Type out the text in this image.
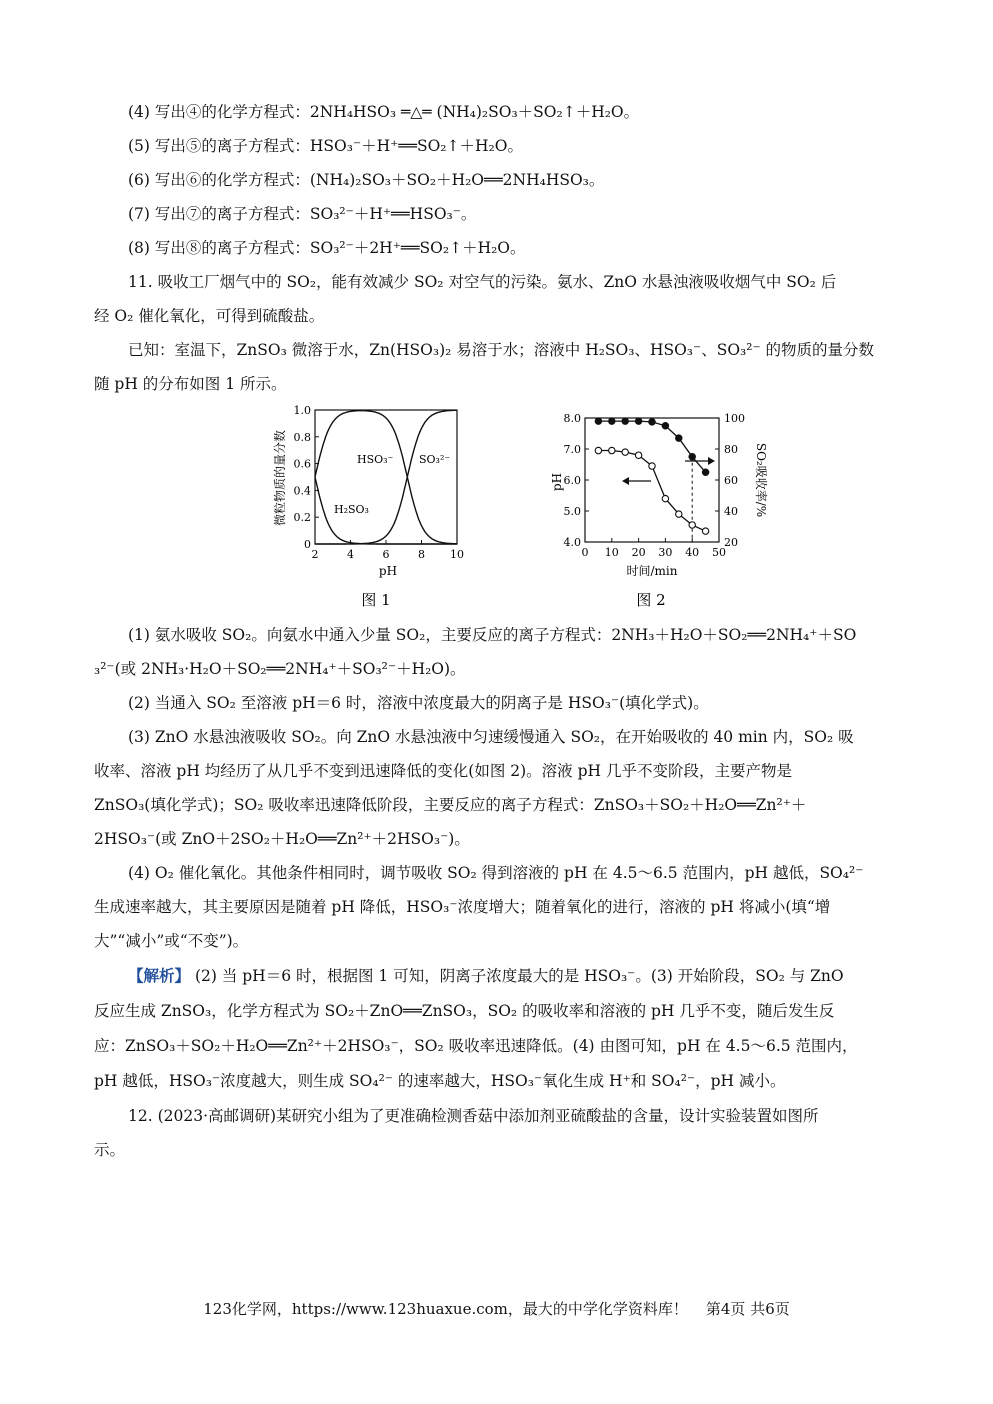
(4) 写出④的化学方程式：2NH₄HSO₃ ═△═ (NH₄)₂SO₃＋SO₂↑＋H₂O。
(5) 写出⑤的离子方程式：HSO₃⁻＋H⁺══SO₂↑＋H₂O。
(6) 写出⑥的化学方程式：(NH₄)₂SO₃＋SO₂＋H₂O══2NH₄HSO₃。
(7) 写出⑦的离子方程式：SO₃²⁻＋H⁺══HSO₃⁻。
(8) 写出⑧的离子方程式：SO₃²⁻＋2H⁺══SO₂↑＋H₂O。
11. 吸收工厂烟气中的 SO₂，能有效减少 SO₂ 对空气的污染。氨水、ZnO 水悬浊液吸收烟气中 SO₂ 后
经 O₂ 催化氧化，可得到硫酸盐。
已知：室温下，ZnSO₃ 微溶于水，Zn(HSO₃)₂ 易溶于水；溶液中 H₂SO₃、HSO₃⁻、SO₃²⁻ 的物质的量分数
随 pH 的分布如图 1 所示。
2	4	6	8 10
0
0.2
0.4
0.6
0.8
1.0
HSO₃⁻ SO₃²⁻
H₂SO₃
pH
微粒物质的量分数
图 1
0 10 20 30 40 50
4.0
5.0
6.0
7.0
8.0
20
40
60
80
100
时间/min
pH	SO₂吸收率/%
图 2
(1) 氨水吸收 SO₂。向氨水中通入少量 SO₂，主要反应的离子方程式：2NH₃＋H₂O＋SO₂══2NH₄⁺＋SO
₃²⁻(或 2NH₃·H₂O＋SO₂══2NH₄⁺＋SO₃²⁻＋H₂O)。
(2) 当通入 SO₂ 至溶液 pH＝6 时，溶液中浓度最大的阴离子是 HSO₃⁻(填化学式)。
(3) ZnO 水悬浊液吸收 SO₂。向 ZnO 水悬浊液中匀速缓慢通入 SO₂，在开始吸收的 40 min 内，SO₂ 吸
收率、溶液 pH 均经历了从几乎不变到迅速降低的变化(如图 2)。溶液 pH 几乎不变阶段，主要产物是
ZnSO₃(填化学式)；SO₂ 吸收率迅速降低阶段，主要反应的离子方程式：ZnSO₃＋SO₂＋H₂O══Zn²⁺＋
2HSO₃⁻(或 ZnO＋2SO₂＋H₂O══Zn²⁺＋2HSO₃⁻)。
(4) O₂ 催化氧化。其他条件相同时，调节吸收 SO₂ 得到溶液的 pH 在 4.5～6.5 范围内，pH 越低，SO₄²⁻
生成速率越大，其主要原因是随着 pH 降低，HSO₃⁻浓度增大；随着氧化的进行，溶液的 pH 将减小(填“增
大”“减小”或“不变”)。
【解析】 (2) 当 pH＝6 时，根据图 1 可知，阴离子浓度最大的是 HSO₃⁻。(3) 开始阶段，SO₂ 与 ZnO
反应生成 ZnSO₃，化学方程式为 SO₂＋ZnO══ZnSO₃，SO₂ 的吸收率和溶液的 pH 几乎不变，随后发生反
应：ZnSO₃＋SO₂＋H₂O══Zn²⁺＋2HSO₃⁻，SO₂ 吸收率迅速降低。(4) 由图可知，pH 在 4.5～6.5 范围内，
pH 越低，HSO₃⁻浓度越大，则生成 SO₄²⁻ 的速率越大，HSO₃⁻氧化生成 H⁺和 SO₄²⁻，pH 减小。
12. (2023·高邮调研)某研究小组为了更准确检测香菇中添加剂亚硫酸盐的含量，设计实验装置如图所
示。
123化学网，https://www.123huaxue.com，最大的中学化学资料库！ 第4页 共6页
